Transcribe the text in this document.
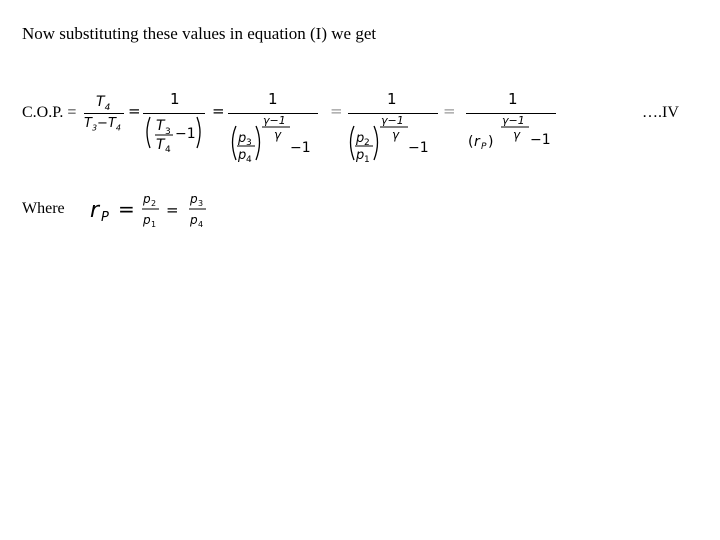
Now substituting these values in equation (I) we get
C.O.P. =
$T_4$
$T_3-T_4$
=
1
T 3
T 4
−1
=
1
γ−1
γ
p 3
p 4
−1
=
1
γ−1
γ
p 2
p 1
−1
=
1
γ−1
γ
( r P )	−1
….IV
Where r P = p 2
p 1
=
p 3
p 4
